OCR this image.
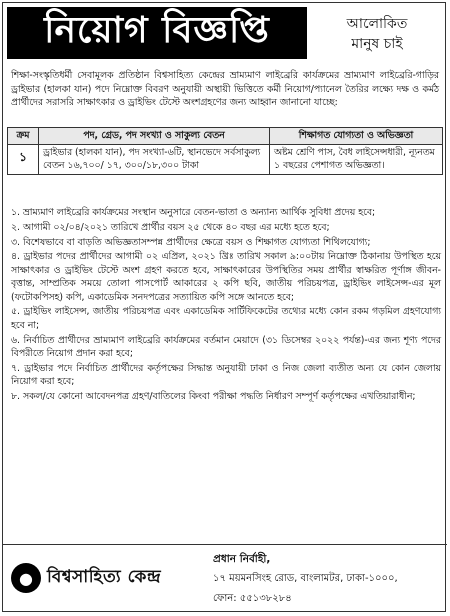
নিয়োগ বিজ্ঞপ্তি	আলোকিত
মানুষ চাই
শিক্ষা-সংস্কৃতিধর্মী সেবামূলক প্রতিষ্ঠান বিশ্বসাহিত্য কেন্দ্রের ভ্রাম্যমাণ লাইব্রেরি কার্যক্রমের ভ্রাম্যমাণ লাইব্রেরি-গাড়ির ড্রাইভার (হালকা যান) পদে নিম্নোক্ত বিবরণ অনুযায়ী অস্থায়ী ভিত্তিতে কর্মী নিয়োগ/প্যানেল তৈরির লক্ষ্যে দক্ষ ও কর্মঠ প্রার্থীদের সরাসরি সাক্ষাৎকার ও ড্রাইভিং টেস্টে অংশগ্রহণের জন্য আহ্বান জানানো যাচ্ছে:
ক্রম	পদ, গ্রেড, পদ সংখ্যা ও সাকুল্য বেতন	শিক্ষাগত যোগ্যতা ও অভিজ্ঞতা
১	ড্রাইভার (হালকা যান), পদ সংখ্যা-৬টি, স্থানভেদে সর্বসাকুল্য বেতন ১৬,৭০০/ ১৭, ৩০০/১৮,৩০০ টাকা	অষ্টম শ্রেণি পাস, বৈধ লাইসেন্সধারী, ন্যূনতম ১ বছরের পেশাগত অভিজ্ঞতা।

১. ভ্রাম্যমাণ লাইব্রেরি কার্যক্রমের সংস্থান অনুসারে বেতন-ভাতা ও অন্যান্য আর্থিক সুবিধা প্রদেয় হবে;

২. আগামী ০২/০৪/২০২১ তারিখে প্রার্থীর বয়স ২৫ থেকে ৪০ বছর এর মধ্যে হতে হবে;

৩. বিশেষভাবে বা বাড়তি অভিজ্ঞতাসম্পন্ন প্রার্থীদের ক্ষেত্রে বয়স ও শিক্ষাগত যোগ্যতা শিথিলযোগ্য;

৪. ড্রাইভার পদের প্রার্থীদের আগামী ০২ এপ্রিল, ২০২১ খ্রিঃ তারিখ সকাল ৯:০০টায় নিম্নোক্ত ঠিকানায় উপস্থিত হয়ে সাক্ষাৎকার ও ড্রাইভিং টেস্টে অংশ গ্রহণ করতে হবে, সাক্ষাৎকারের উপস্থিতির সময় প্রার্থীর স্বাক্ষরিত পূর্ণাঙ্গ জীবন-বৃত্তান্ত, সাম্প্রতিক সময়ে তোলা পাসপোর্ট আকারের ২ কপি ছবি, জাতীয় পরিচয়পত্র, ড্রাইভিং লাইসেন্স-এর মূল (ফটোকপিসহ) কপি, একাডেমিক সনদপত্রের সত্যায়িত কপি সঙ্গে আনতে হবে;

৫. ড্রাইভিং লাইসেন্স, জাতীয় পরিচয়পত্র এবং একাডেমিক সার্টিফিকেটের তথ্যের মধ্যে কোন রকম গড়মিল গ্রহণযোগ্য হবে না;

৬. নির্বাচিত প্রার্থীদের ভ্রাম্যমাণ লাইব্রেরি কার্যক্রমের বর্তমান মেয়াদে (৩১ ডিসেম্বর ২০২২ পর্যন্ত)-এর জন্য শূণ্য পদের বিপরীতে নিয়োগ প্রদান করা হবে;

৭. ড্রাইভার পদে নির্বাচিত প্রার্থীদের কর্তৃপক্ষের সিদ্ধান্ত অনুযায়ী ঢাকা ও নিজ জেলা ব্যতীত অন্য যে কোন জেলায় নিয়োগ করা হবে;

৮. সকল/যে কোনো আবেদনপত্র গ্রহণ/বাতিলের কিংবা পরীক্ষা পদ্ধতি নির্ধারণ সম্পূর্ণ কর্তৃপক্ষের এখতিয়ারাধীন;

● বিশ্বসাহিত্য কেন্দ্র
প্রধান নির্বাহী,
১৭ ময়মনসিংহ রোড, বাংলামটর, ঢাকা-১০০০,
ফোন: ৫৫১৩৮২৮৪
